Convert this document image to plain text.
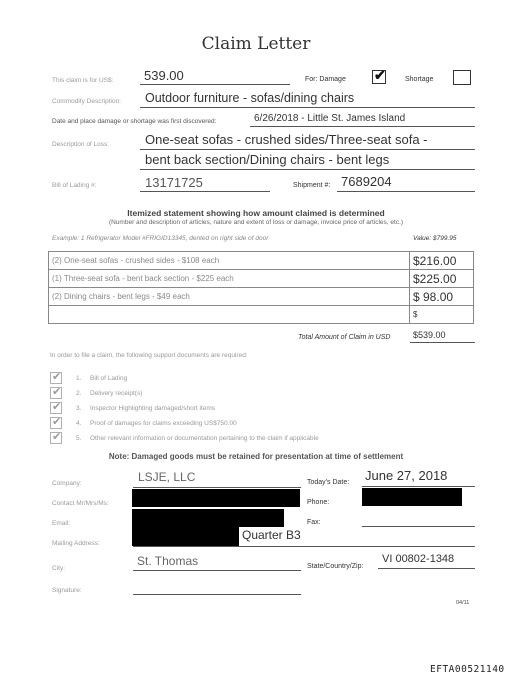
Claim Letter
This claim is for US$: 539.00	For: Damage ✔	Shortage
Commodity Description: Outdoor furniture - sofas/dining chairs
Date and place damage or shortage was first discovered:	6/26/2018 - Little St. James Island
Description of Loss:	One-seat sofas - crushed sides/Three-seat sofa -
bent back section/Dining chairs - bent legs
Bill of Lading #:	13171725	Shipment #: 7689204
Itemized statement showing how amount claimed is determined
(Number and description of articles, nature and extent of loss or damage, invoice price of articles, etc.)
Example: 1 Refrigerator Model #FRIGID13345, dented on right side of door	Value: $799.95
(2) One-seat sofas - crushed sides - $108 each	$216.00
(1) Three-seat sofa - bent back section - $225 each	$225.00
(2) Dining chairs - bent legs - $49 each	$ 98.00
	$
Total Amount of Claim in USD	$539.00
In order to file a claim, the following support documents are required:
✔ 1. Bill of Lading
✔ 2. Delivery receipt(s)
✔ 3. Inspector Highlighting damaged/short items
✔ 4. Proof of damages for claims exceeding US$750.00
✔ 5. Other relevant information or documentation pertaining to the claim if applicable
Note: Damaged goods must be retained for presentation at time of settlement
Company:	LSJE, LLC	Today's Date: June 27, 2018
Contact Mr/Mrs/Ms:	Phone:
Email:	Fax:
Mailing Address:
Quarter B3
City:
St. Thomas	State/Country/Zip:
VI 00802-1348
Signature:
04/11
EFTA00521140
